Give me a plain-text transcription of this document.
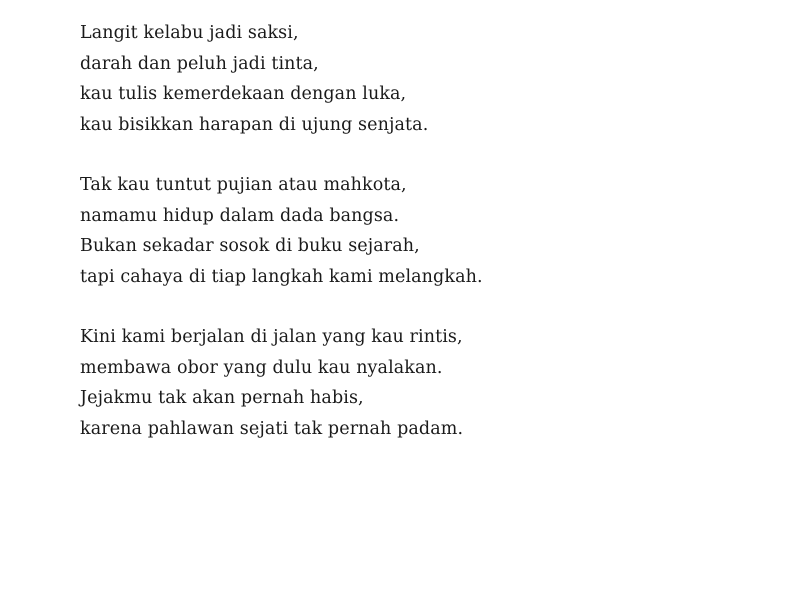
Langit kelabu jadi saksi,
darah dan peluh jadi tinta,
kau tulis kemerdekaan dengan luka,
kau bisikkan harapan di ujung senjata.

Tak kau tuntut pujian atau mahkota,
namamu hidup dalam dada bangsa.
Bukan sekadar sosok di buku sejarah,
tapi cahaya di tiap langkah kami melangkah.

Kini kami berjalan di jalan yang kau rintis,
membawa obor yang dulu kau nyalakan.
Jejakmu tak akan pernah habis,
karena pahlawan sejati tak pernah padam.
